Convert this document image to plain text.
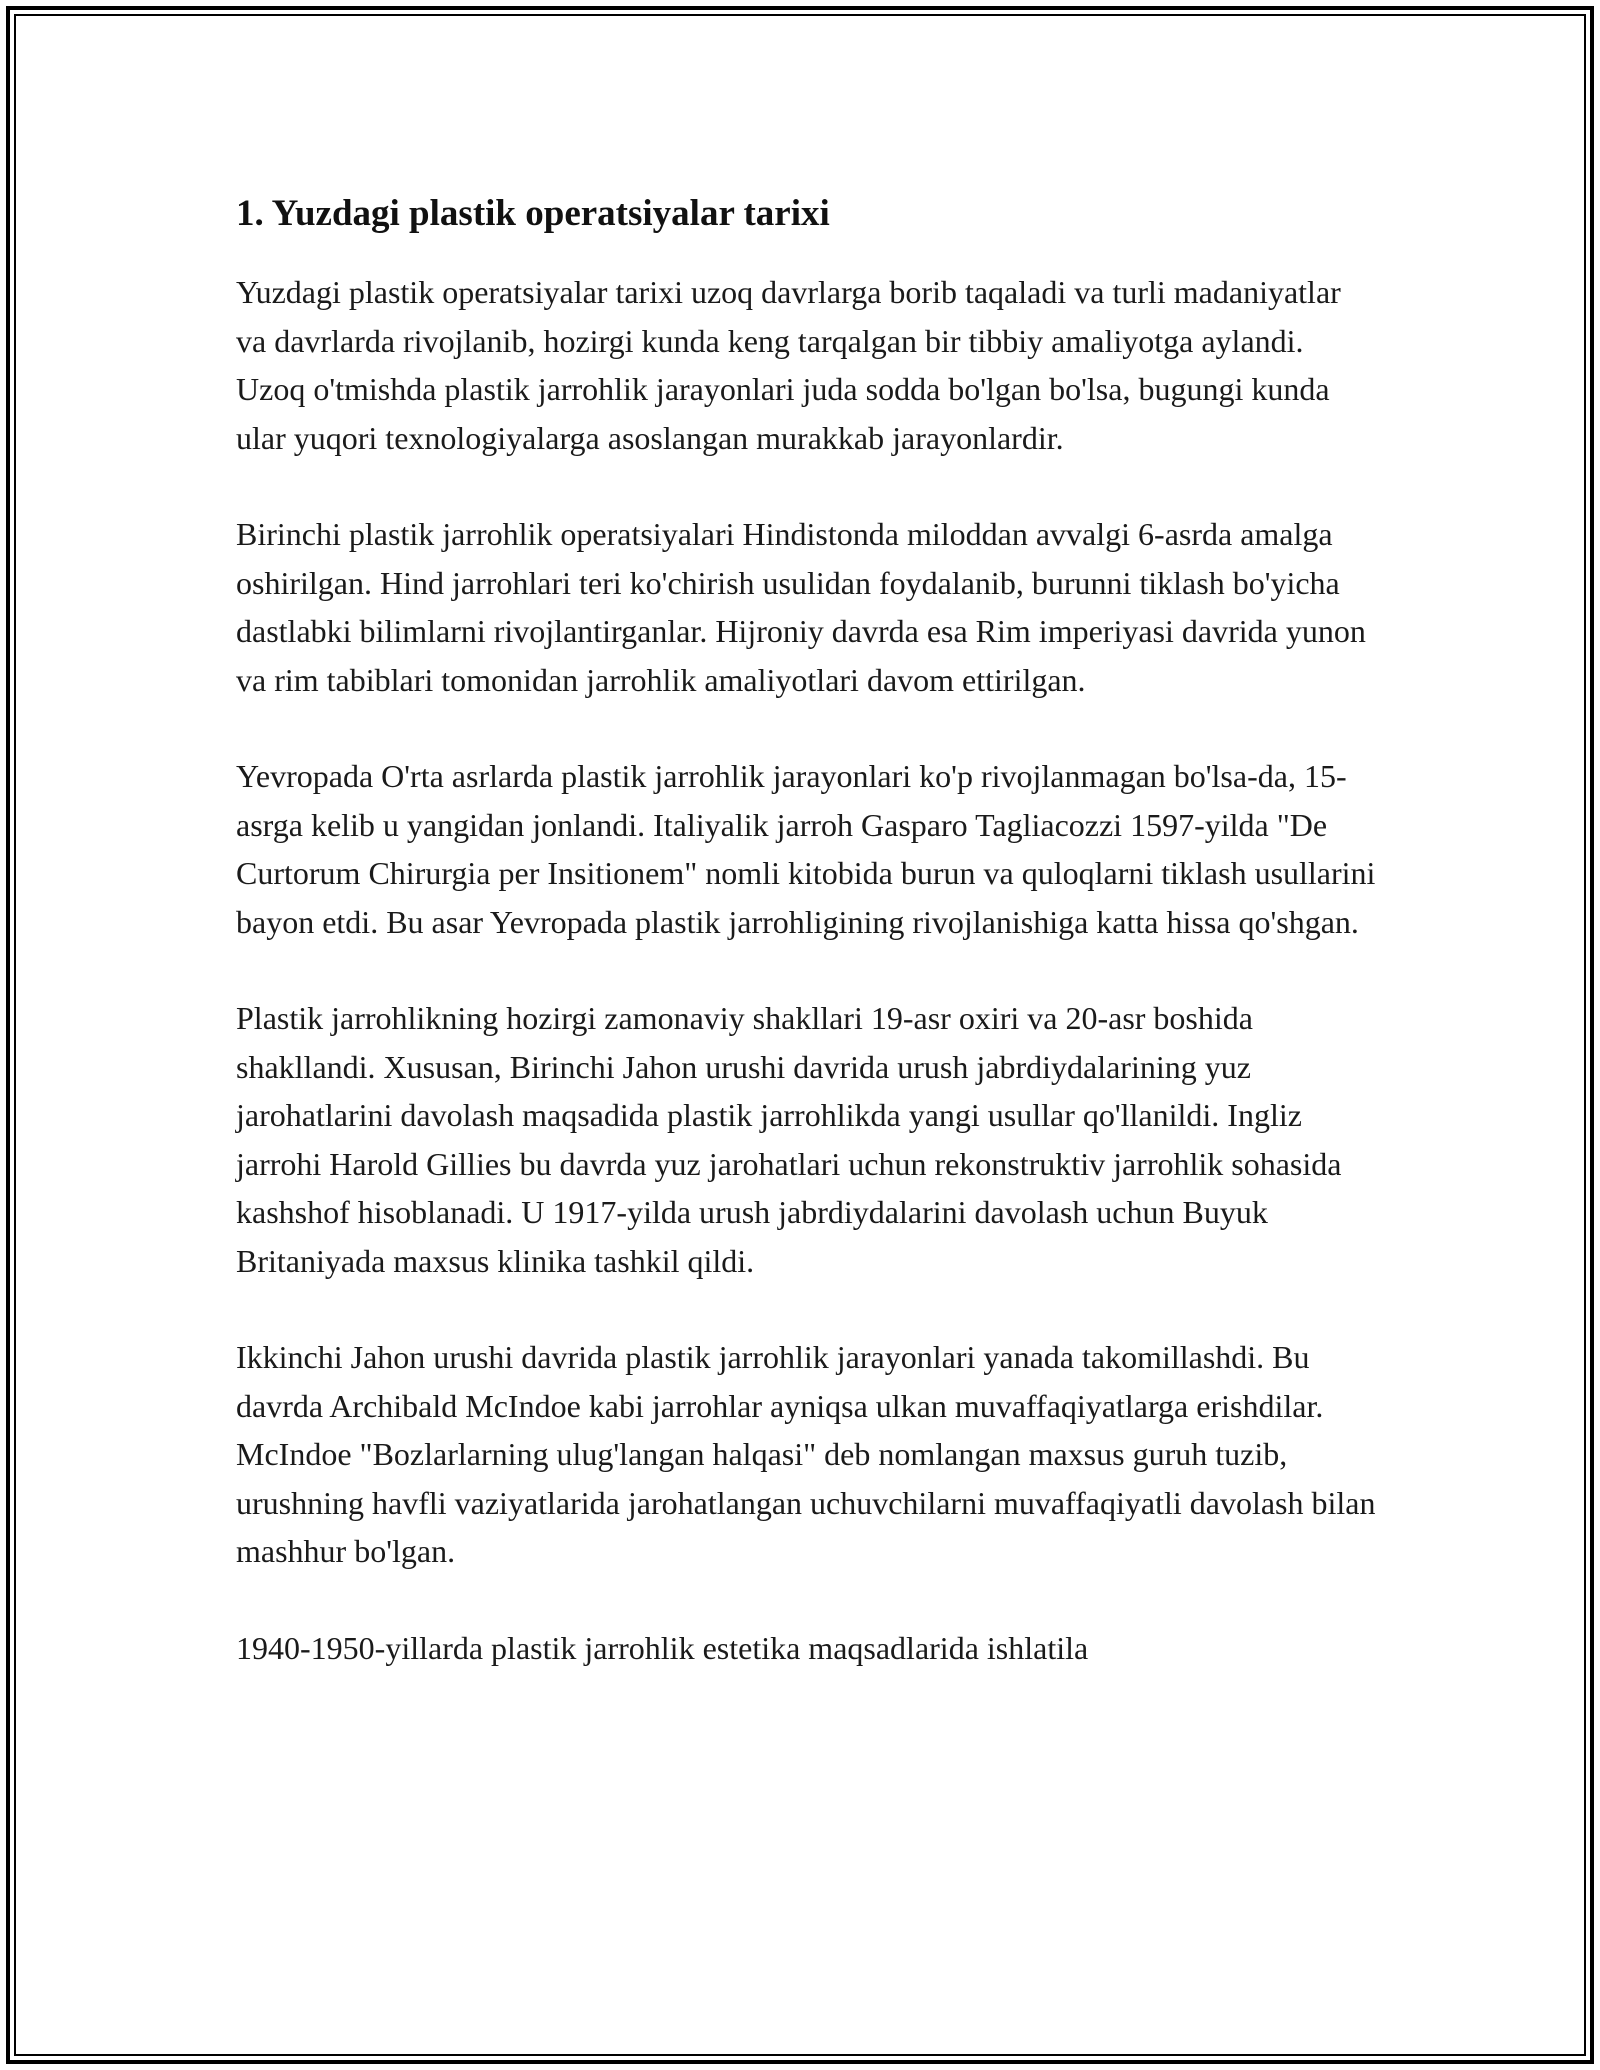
1. Yuzdagi plastik operatsiyalar tarixi

Yuzdagi plastik operatsiyalar tarixi uzoq davrlarga borib taqaladi va turli madaniyatlar va davrlarda rivojlanib, hozirgi kunda keng tarqalgan bir tibbiy amaliyotga aylandi. Uzoq o'tmishda plastik jarrohlik jarayonlari juda sodda bo'lgan bo'lsa, bugungi kunda ular yuqori texnologiyalarga asoslangan murakkab jarayonlardir.

Birinchi plastik jarrohlik operatsiyalari Hindistonda miloddan avvalgi 6-asrda amalga oshirilgan. Hind jarrohlari teri ko'chirish usulidan foydalanib, burunni tiklash bo'yicha dastlabki bilimlarni rivojlantirganlar. Hijroniy davrda esa Rim imperiyasi davrida yunon va rim tabiblari tomonidan jarrohlik amaliyotlari davom ettirilgan.

Yevropada O'rta asrlarda plastik jarrohlik jarayonlari ko'p rivojlanmagan bo'lsa-da, 15-asrga kelib u yangidan jonlandi. Italiyalik jarroh Gasparo Tagliacozzi 1597-yilda "De Curtorum Chirurgia per Insitionem" nomli kitobida burun va quloqlarni tiklash usullarini bayon etdi. Bu asar Yevropada plastik jarrohligining rivojlanishiga katta hissa qo'shgan.

Plastik jarrohlikning hozirgi zamonaviy shakllari 19-asr oxiri va 20-asr boshida shakllandi. Xususan, Birinchi Jahon urushi davrida urush jabrdiydalarining yuz jarohatlarini davolash maqsadida plastik jarrohlikda yangi usullar qo'llanildi. Ingliz jarrohi Harold Gillies bu davrda yuz jarohatlari uchun rekonstruktiv jarrohlik sohasida kashshof hisoblanadi. U 1917-yilda urush jabrdiydalarini davolash uchun Buyuk Britaniyada maxsus klinika tashkil qildi.

Ikkinchi Jahon urushi davrida plastik jarrohlik jarayonlari yanada takomillashdi. Bu davrda Archibald McIndoe kabi jarrohlar ayniqsa ulkan muvaffaqiyatlarga erishdilar. McIndoe "Bozlarlarning ulug'langan halqasi" deb nomlangan maxsus guruh tuzib, urushning havfli vaziyatlarida jarohatlangan uchuvchilarni muvaffaqiyatli davolash bilan mashhur bo'lgan.

1940-1950-yillarda plastik jarrohlik estetika maqsadlarida ishlatila
